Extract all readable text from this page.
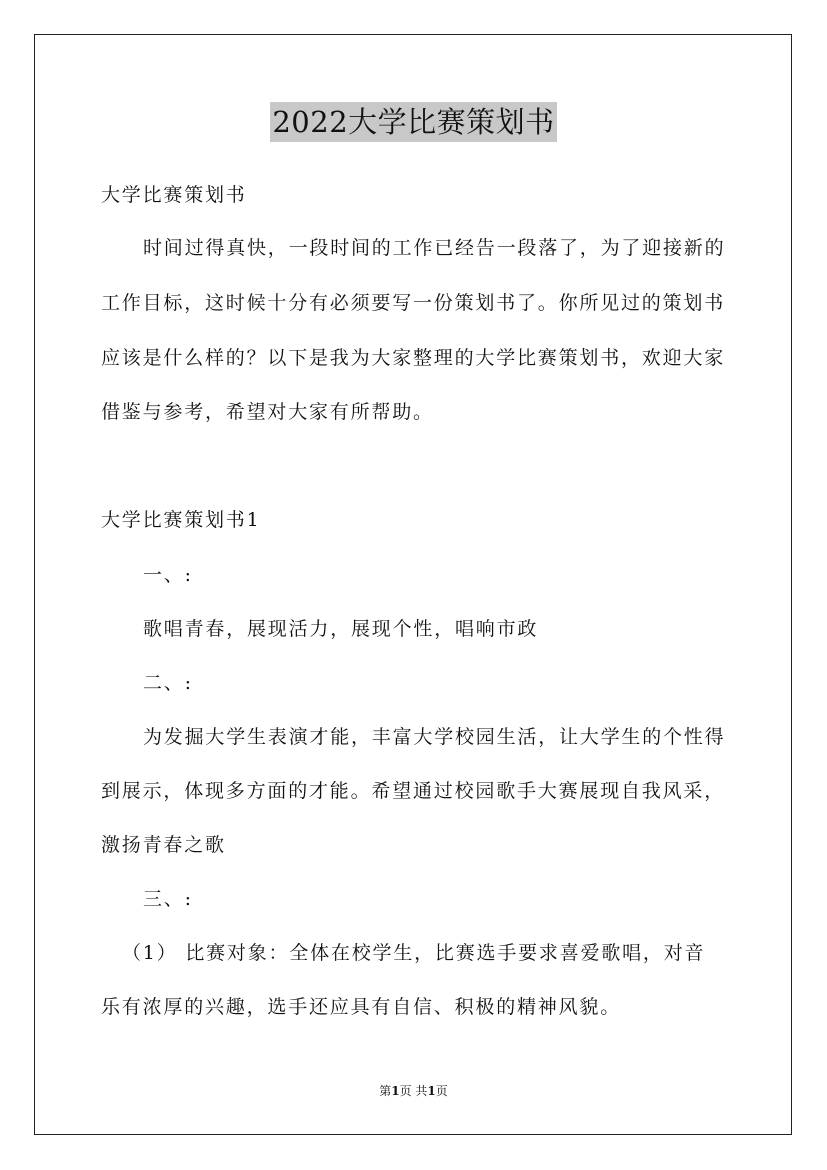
2022大学比赛策划书
大学比赛策划书
时间过得真快，一段时间的工作已经告一段落了，为了迎接新的
工作目标，这时候十分有必须要写一份策划书了。你所见过的策划书
应该是什么样的？以下是我为大家整理的大学比赛策划书，欢迎大家
借鉴与参考，希望对大家有所帮助。
大学比赛策划书1
一、:
歌唱青春，展现活力，展现个性，唱响市政
二、:
为发掘大学生表演才能，丰富大学校园生活，让大学生的个性得
到展示，体现多方面的才能。希望通过校园歌手大赛展现自我风采，
激扬青春之歌
三、:
（1） 比赛对象：全体在校学生，比赛选手要求喜爱歌唱，对音
乐有浓厚的兴趣，选手还应具有自信、积极的精神风貌。
第1页 共1页
